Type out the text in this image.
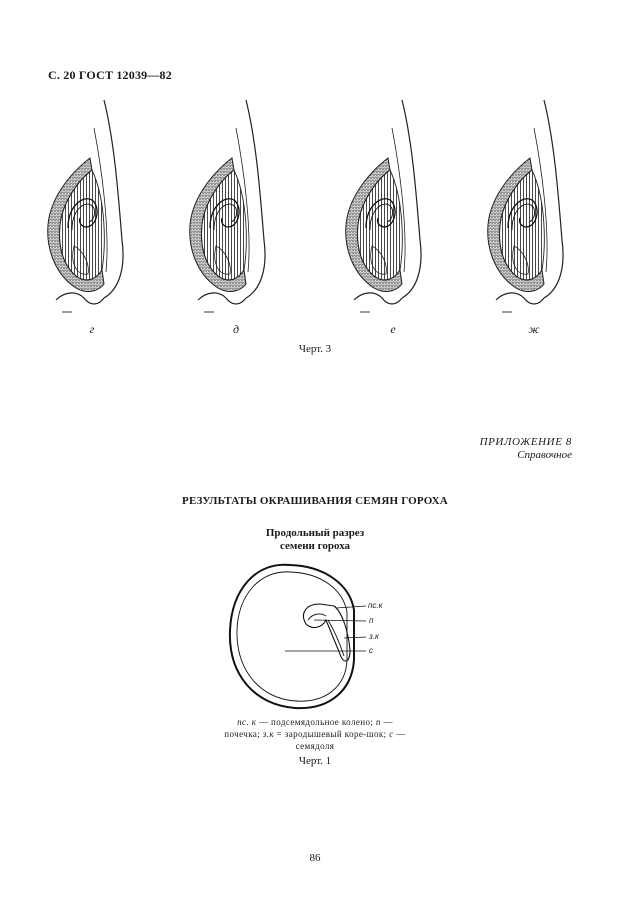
С. 20 ГОСТ 12039—82
г	д	е	ж
Черт. 3
ПРИЛОЖЕНИЕ 8
Справочное
РЕЗУЛЬТАТЫ ОКРАШИВАНИЯ СЕМЯН ГОРОХА
Продольный разрез
семени гороха
пс.к
п
з.к
с
пс. к — подсемядольное колено; п — почечка; з.к = зародышевый коре-шок; с — семядоля
Черт. 1
86
